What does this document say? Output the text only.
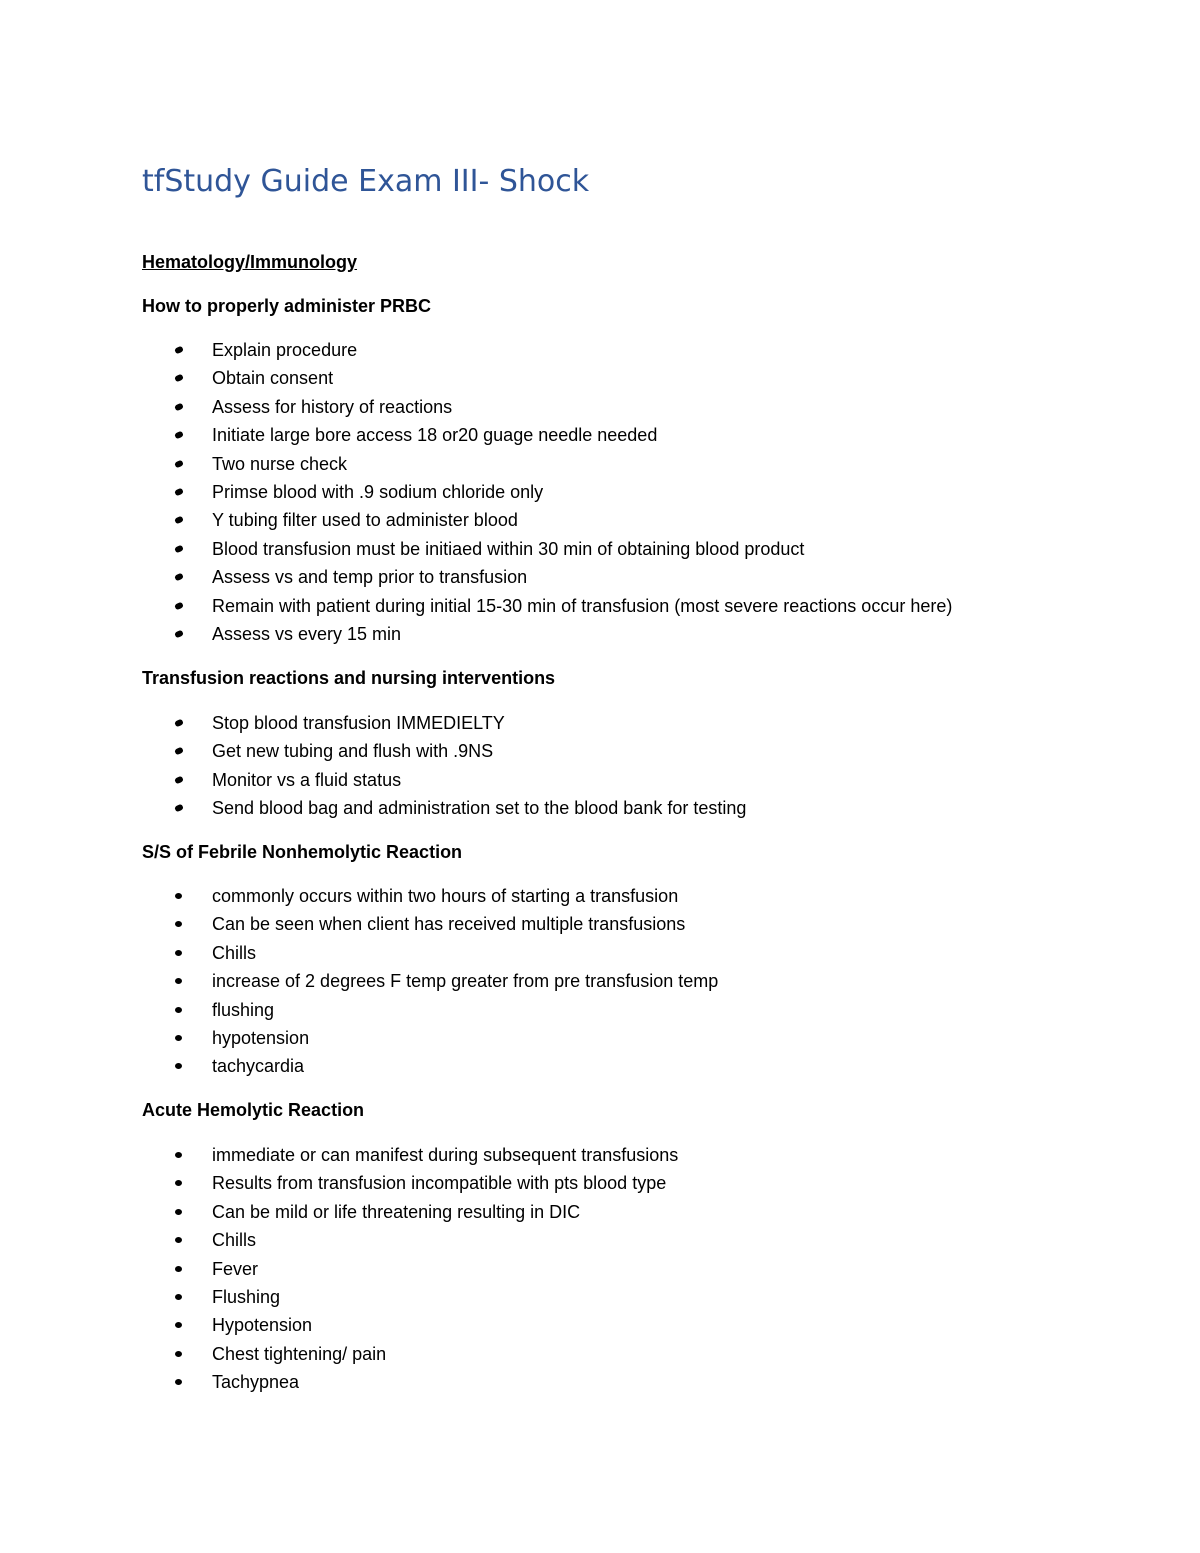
tfStudy Guide Exam III- Shock

Hematology/Immunology

How to properly administer PRBC

Explain procedure
Obtain consent
Assess for history of reactions
Initiate large bore access 18 or20 guage needle needed
Two nurse check
Primse blood with .9 sodium chloride only
Y tubing filter used to administer blood
Blood transfusion must be initiaed within 30 min of obtaining blood product
Assess vs and temp prior to transfusion
Remain with patient during initial 15-30 min of transfusion (most severe reactions occur here)
Assess vs every 15 min

Transfusion reactions and nursing interventions

Stop blood transfusion IMMEDIELTY
Get new tubing and flush with .9NS
Monitor vs a fluid status
Send blood bag and administration set to the blood bank for testing

S/S of Febrile Nonhemolytic Reaction

commonly occurs within two hours of starting a transfusion
Can be seen when client has received multiple transfusions
Chills
increase of 2 degrees F temp greater from pre transfusion temp
flushing
hypotension
tachycardia

Acute Hemolytic Reaction

immediate or can manifest during subsequent transfusions
Results from transfusion incompatible with pts blood type
Can be mild or life threatening resulting in DIC
Chills
Fever
Flushing
Hypotension
Chest tightening/ pain
Tachypnea
